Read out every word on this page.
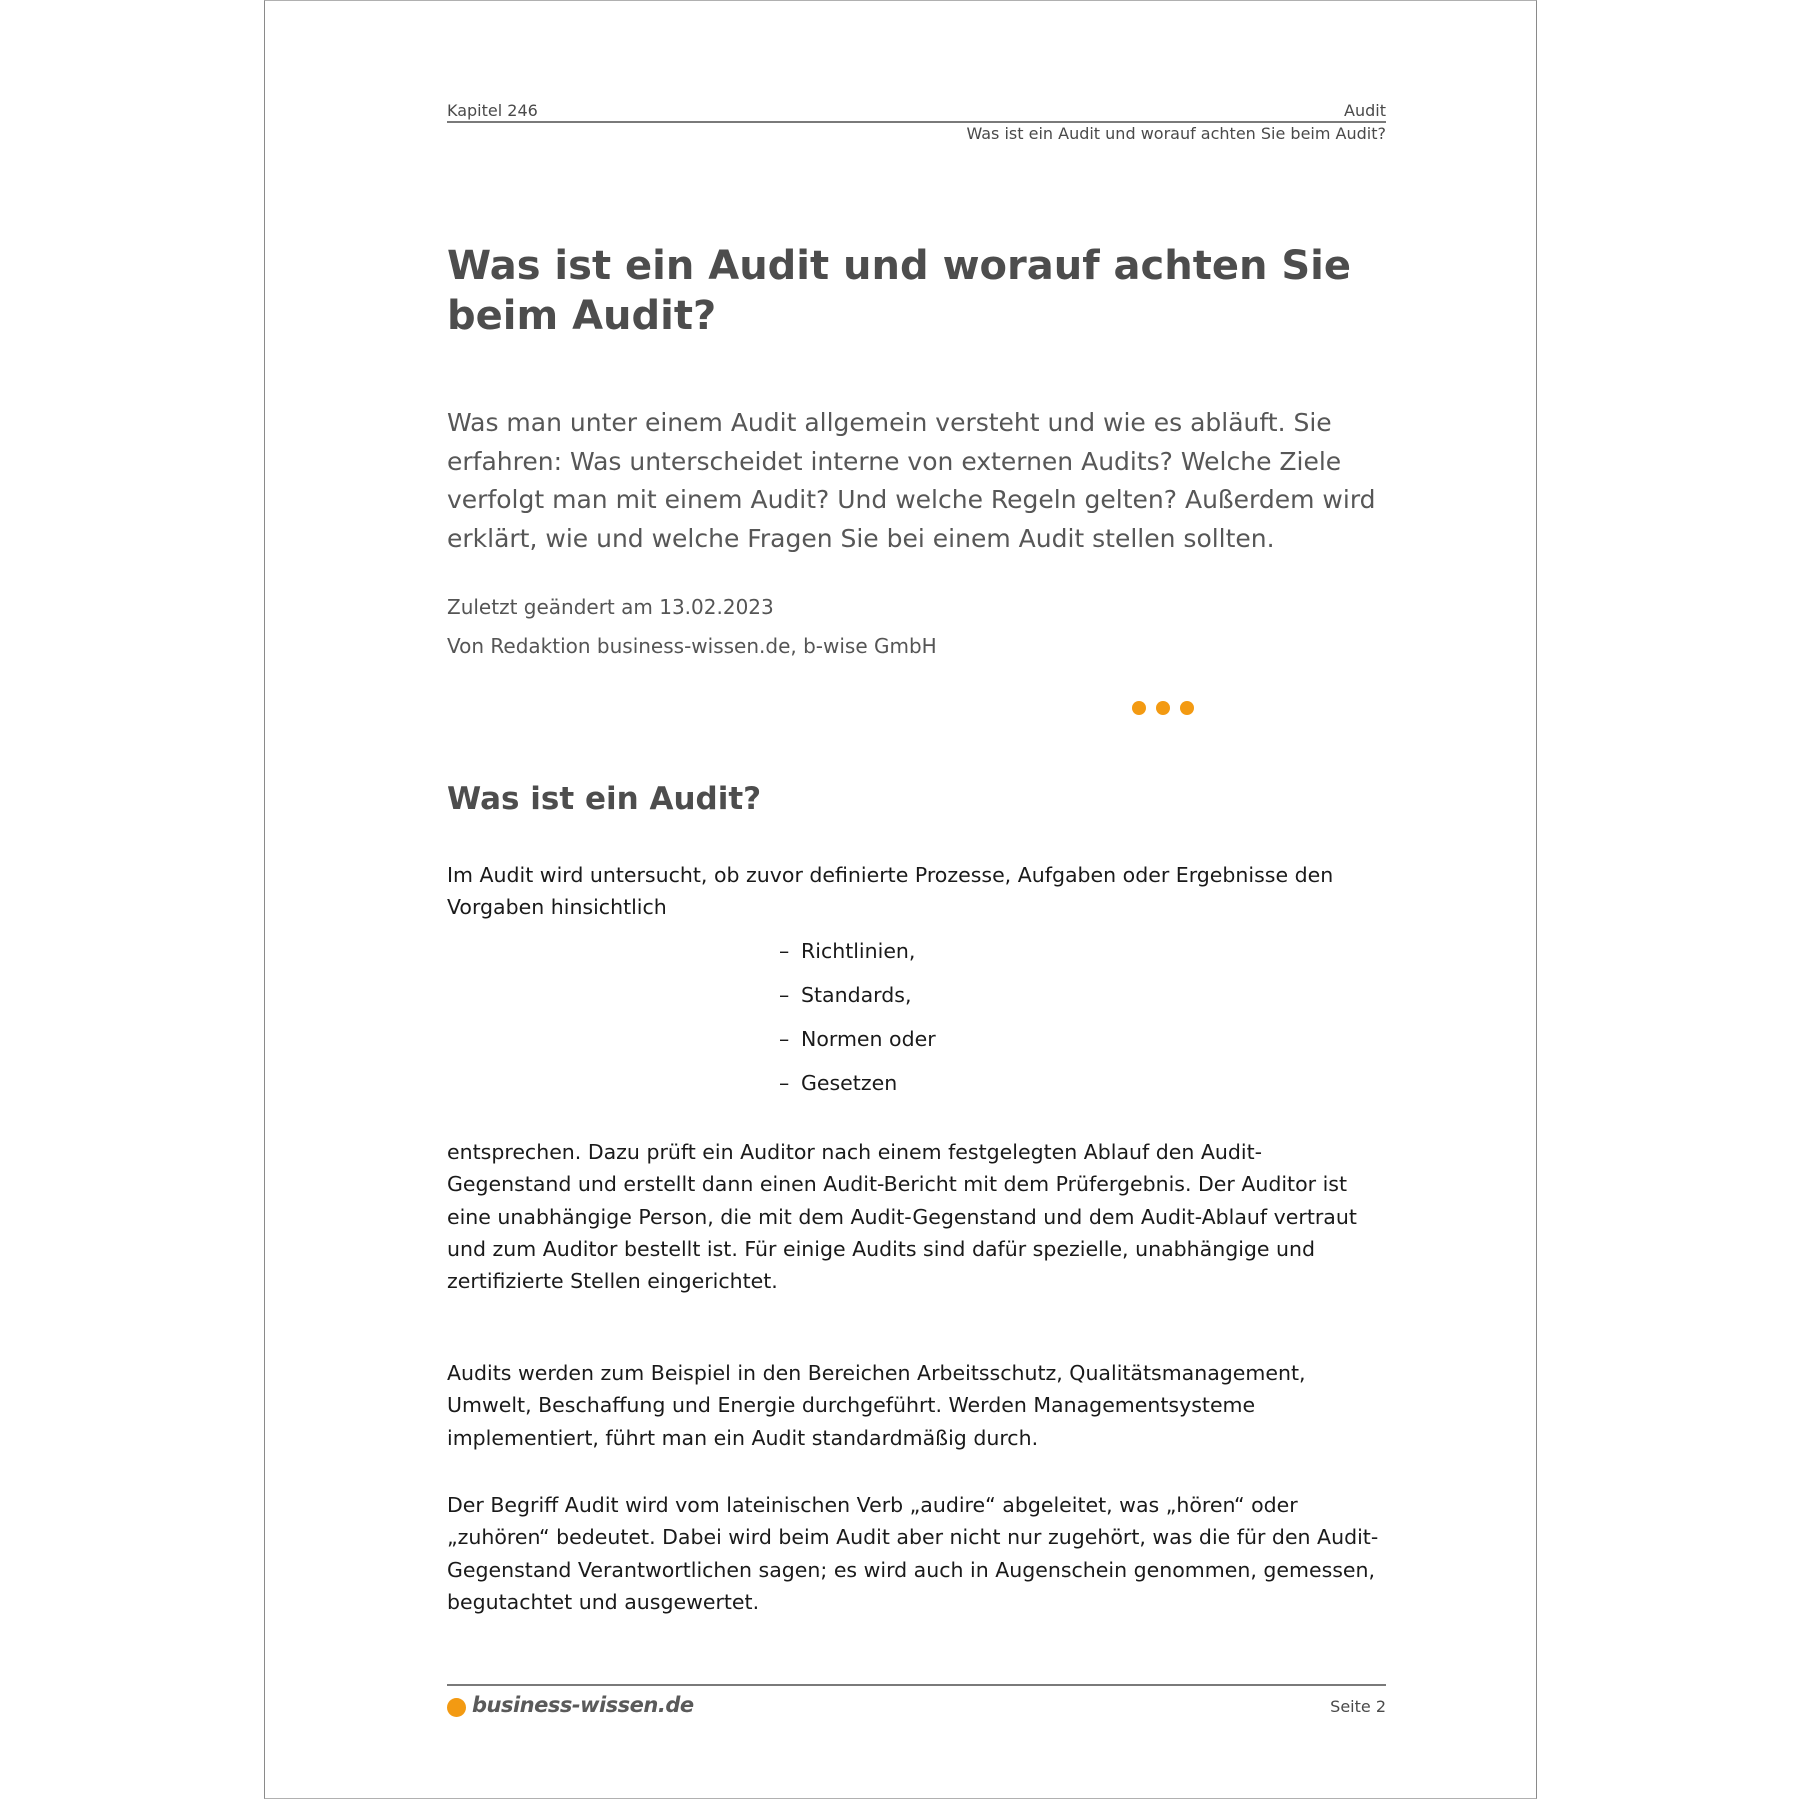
Kapitel 246	Audit
Was ist ein Audit und worauf achten Sie beim Audit?
Was ist ein Audit und worauf achten Sie beim Audit?

Was man unter einem Audit allgemein versteht und wie es abläuft. Sie erfahren: Was unterscheidet interne von externen Audits? Welche Ziele verfolgt man mit einem Audit? Und welche Regeln gelten? Außerdem wird erklärt, wie und welche Fragen Sie bei einem Audit stellen sollten.

Zuletzt geändert am 13.02.2023
Von Redaktion business-wissen.de, b-wise GmbH
Was ist ein Audit?

Im Audit wird untersucht, ob zuvor definierte Prozesse, Aufgaben oder Ergebnisse den Vorgaben hinsichtlich

– Richtlinien,
– Standards,
– Normen oder
– Gesetzen

entsprechen. Dazu prüft ein Auditor nach einem festgelegten Ablauf den Audit-Gegenstand und erstellt dann einen Audit-Bericht mit dem Prüfergebnis. Der Auditor ist eine unabhängige Person, die mit dem Audit-Gegenstand und dem Audit-Ablauf vertraut und zum Auditor bestellt ist. Für einige Audits sind dafür spezielle, unabhängige und zertifizierte Stellen eingerichtet.

Audits werden zum Beispiel in den Bereichen Arbeitsschutz, Qualitätsmanagement, Umwelt, Beschaffung und Energie durchgeführt. Werden Managementsysteme implementiert, führt man ein Audit standardmäßig durch.

Der Begriff Audit wird vom lateinischen Verb „audire“ abgeleitet, was „hören“ oder „zuhören“ bedeutet. Dabei wird beim Audit aber nicht nur zugehört, was die für den Audit-Gegenstand Verantwortlichen sagen; es wird auch in Augenschein genommen, gemessen, begutachtet und ausgewertet.

business-wissen.de	Seite 2
